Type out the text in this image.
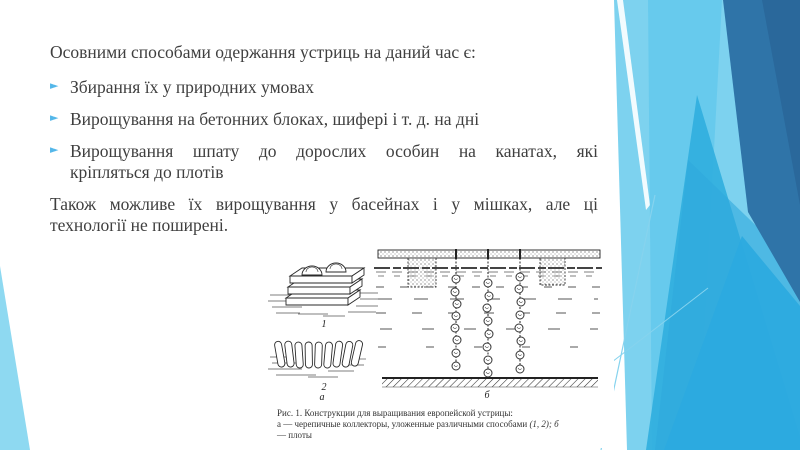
Осовними способами одержання устриць на даний час є:

► Збирання їх у природних умовах
► Вирощування на бетонних блоках, шифері і т. д. на дні
► Вирощування шпату до дорослих особин на канатах, які
кріпляться до плотів
Також можливе їх вирощування у басейнах і у мішках, але ці
технології не поширені.
1
2
а	б
Рис. 1. Конструкции для выращивания европейской устрицы:
а — черепичные коллекторы, уложенные различными способами (1, 2); б
— плоты
